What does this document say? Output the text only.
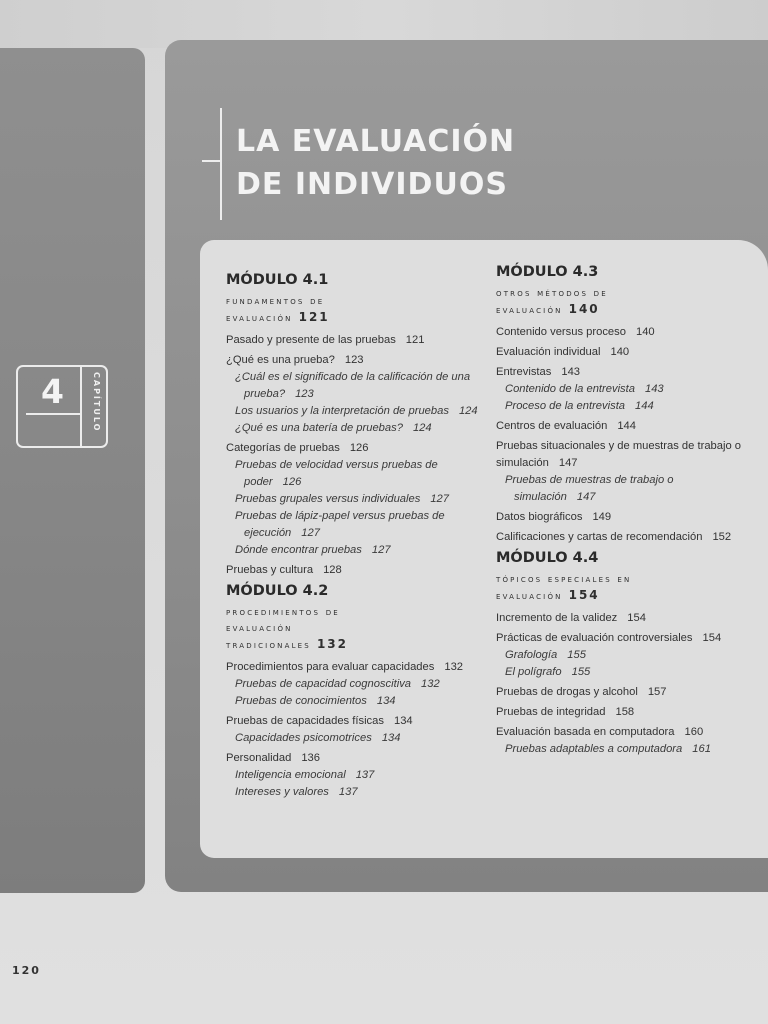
LA EVALUACIÓN
DE INDIVIDUOS
4	CAPÍTULO
MÓDULO 4.1
fundamentos de
evaluación 121
Pasado y presente de las pruebas 121
¿Qué es una prueba? 123
¿Cuál es el significado de la calificación de una prueba? 123
Los usuarios y la interpretación de pruebas 124
¿Qué es una batería de pruebas? 124
Categorías de pruebas 126
Pruebas de velocidad versus pruebas de poder 126
Pruebas grupales versus individuales 127
Pruebas de lápiz-papel versus pruebas de ejecución 127
Dónde encontrar pruebas 127
Pruebas y cultura 128
MÓDULO 4.2
procedimientos de
evaluación
tradicionales 132
Procedimientos para evaluar capacidades 132
Pruebas de capacidad cognoscitiva 132
Pruebas de conocimientos 134
Pruebas de capacidades físicas 134
Capacidades psicomotrices 134
Personalidad 136
Inteligencia emocional 137
Intereses y valores 137
MÓDULO 4.3
otros métodos de
evaluación 140
Contenido versus proceso 140
Evaluación individual 140
Entrevistas 143
Contenido de la entrevista 143
Proceso de la entrevista 144
Centros de evaluación 144
Pruebas situacionales y de muestras de trabajo o simulación 147
Pruebas de muestras de trabajo o simulación 147
Datos biográficos 149
Calificaciones y cartas de recomendación 152
MÓDULO 4.4
tópicos especiales en
evaluación 154
Incremento de la validez 154
Prácticas de evaluación controversiales 154
Grafología 155
El polígrafo 155
Pruebas de drogas y alcohol 157
Pruebas de integridad 158
Evaluación basada en computadora 160
Pruebas adaptables a computadora 161
120
